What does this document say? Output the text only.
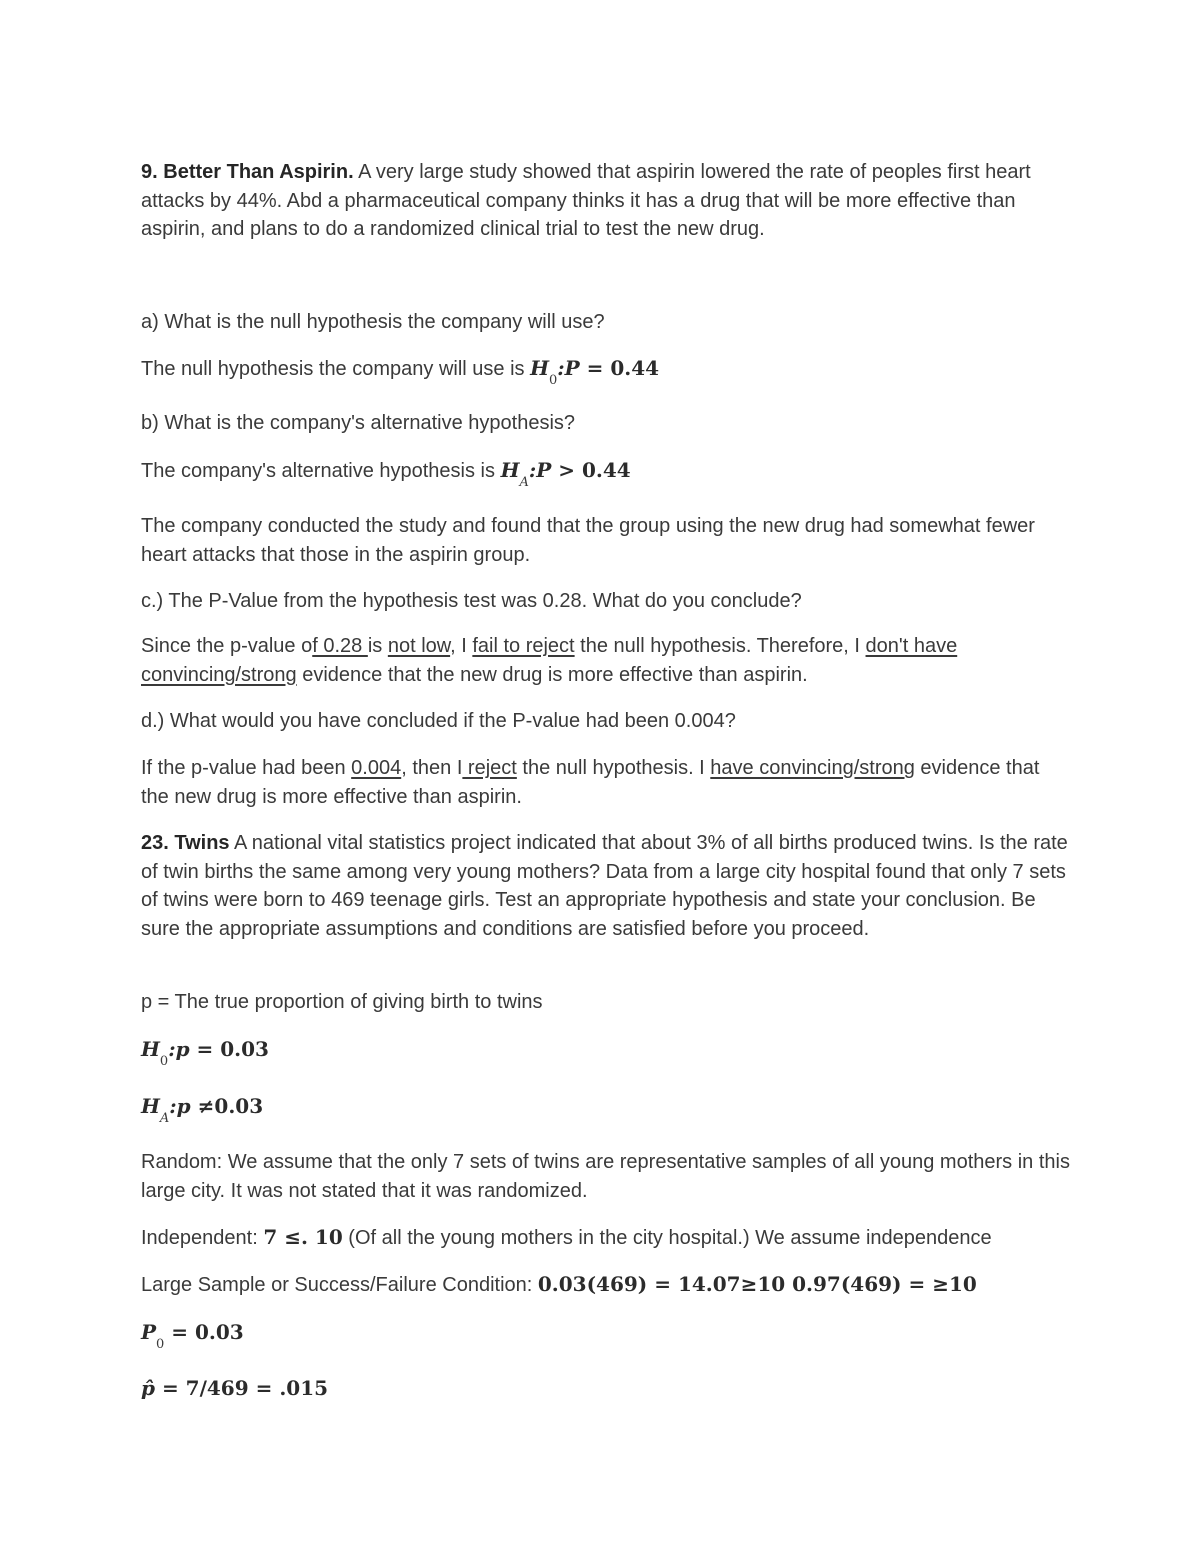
9. Better Than Aspirin. A very large study showed that aspirin lowered the rate of peoples first heart attacks by 44%. Abd a pharmaceutical company thinks it has a drug that will be more effective than aspirin, and plans to do a randomized clinical trial to test the new drug.

a) What is the null hypothesis the company will use?

The null hypothesis the company will use is $H_0:P = 0.44$

b) What is the company's alternative hypothesis?

The company's alternative hypothesis is $H_A:P > 0.44$

The company conducted the study and found that the group using the new drug had somewhat fewer heart attacks that those in the aspirin group.

c.) The P-Value from the hypothesis test was 0.28. What do you conclude?

Since the p-value of 0.28 is not low, I fail to reject the null hypothesis. Therefore, I don't have convincing/strong evidence that the new drug is more effective than aspirin.

d.) What would you have concluded if the P-value had been 0.004?

If the p-value had been 0.004, then I reject the null hypothesis. I have convincing/strong evidence that the new drug is more effective than aspirin.

23. Twins A national vital statistics project indicated that about 3% of all births produced twins. Is the rate of twin births the same among very young mothers? Data from a large city hospital found that only 7 sets of twins were born to 469 teenage girls. Test an appropriate hypothesis and state your conclusion. Be sure the appropriate assumptions and conditions are satisfied before you proceed.

p = The true proportion of giving birth to twins

$H_0:p = 0.03$

$H_A:p \ne 0.03$

Random: We assume that the only 7 sets of twins are representative samples of all young mothers in this large city. It was not stated that it was randomized.

Independent: 7 ≤. 10 (Of all the young mothers in the city hospital.) We assume independence

Large Sample or Success/Failure Condition: 0.03(469) = 14.07≥10 0.97(469) = ≥10

$P_0 = 0.03$

p̂ = 7/469 = .015
